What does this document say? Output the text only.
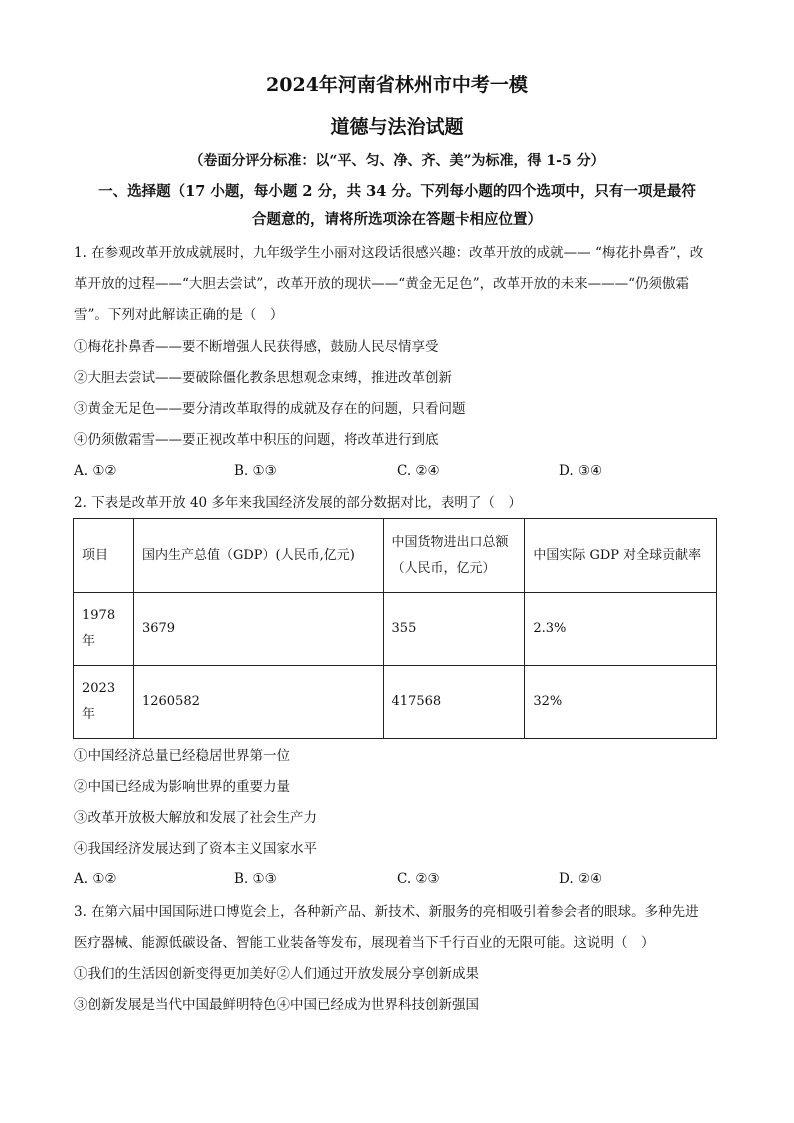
2024年河南省林州市中考一模
道德与法治试题
（卷面分评分标准：以“平、匀、净、齐、美”为标准，得 1-5 分）
一、选择题（17 小题，每小题 2 分，共 34 分。下列每小题的四个选项中，只有一项是最符
合题意的，请将所选项涂在答题卡相应位置）
1. 在参观改革开放成就展时，九年级学生小丽对这段话很感兴趣：改革开放的成就—— “梅花扑鼻香”，改
革开放的过程——“大胆去尝试”，改革开放的现状——“黄金无足色”，改革开放的未来———“仍须傲霜
雪”。下列对此解读正确的是（　）
①梅花扑鼻香——要不断增强人民获得感，鼓励人民尽情享受
②大胆去尝试——要破除僵化教条思想观念束缚，推进改革创新
③黄金无足色——要分清改革取得的成就及存在的问题，只看问题
④仍须傲霜雪——要正视改革中积压的问题，将改革进行到底
A. ①②	B. ①③	C. ②④	D. ③④
2. 下表是改革开放 40 多年来我国经济发展的部分数据对比，表明了（　）
项目	国内生产总值（GDP）(人民币,亿元)	中国货物进出口总额（人民币，亿元）	中国实际 GDP 对全球贡献率
1978年	3679	355	2.3%
2023年	1260582	417568	32%
①中国经济总量已经稳居世界第一位
②中国已经成为影响世界的重要力量
③改革开放极大解放和发展了社会生产力
④我国经济发展达到了资本主义国家水平
A. ①②	B. ①③	C. ②③	D. ②④
3. 在第六届中国国际进口博览会上，各种新产品、新技术、新服务的亮相吸引着参会者的眼球。多种先进
医疗器械、能源低碳设备、智能工业装备等发布，展现着当下千行百业的无限可能。这说明（　）
①我们的生活因创新变得更加美好②人们通过开放发展分享创新成果
③创新发展是当代中国最鲜明特色④中国已经成为世界科技创新强国
